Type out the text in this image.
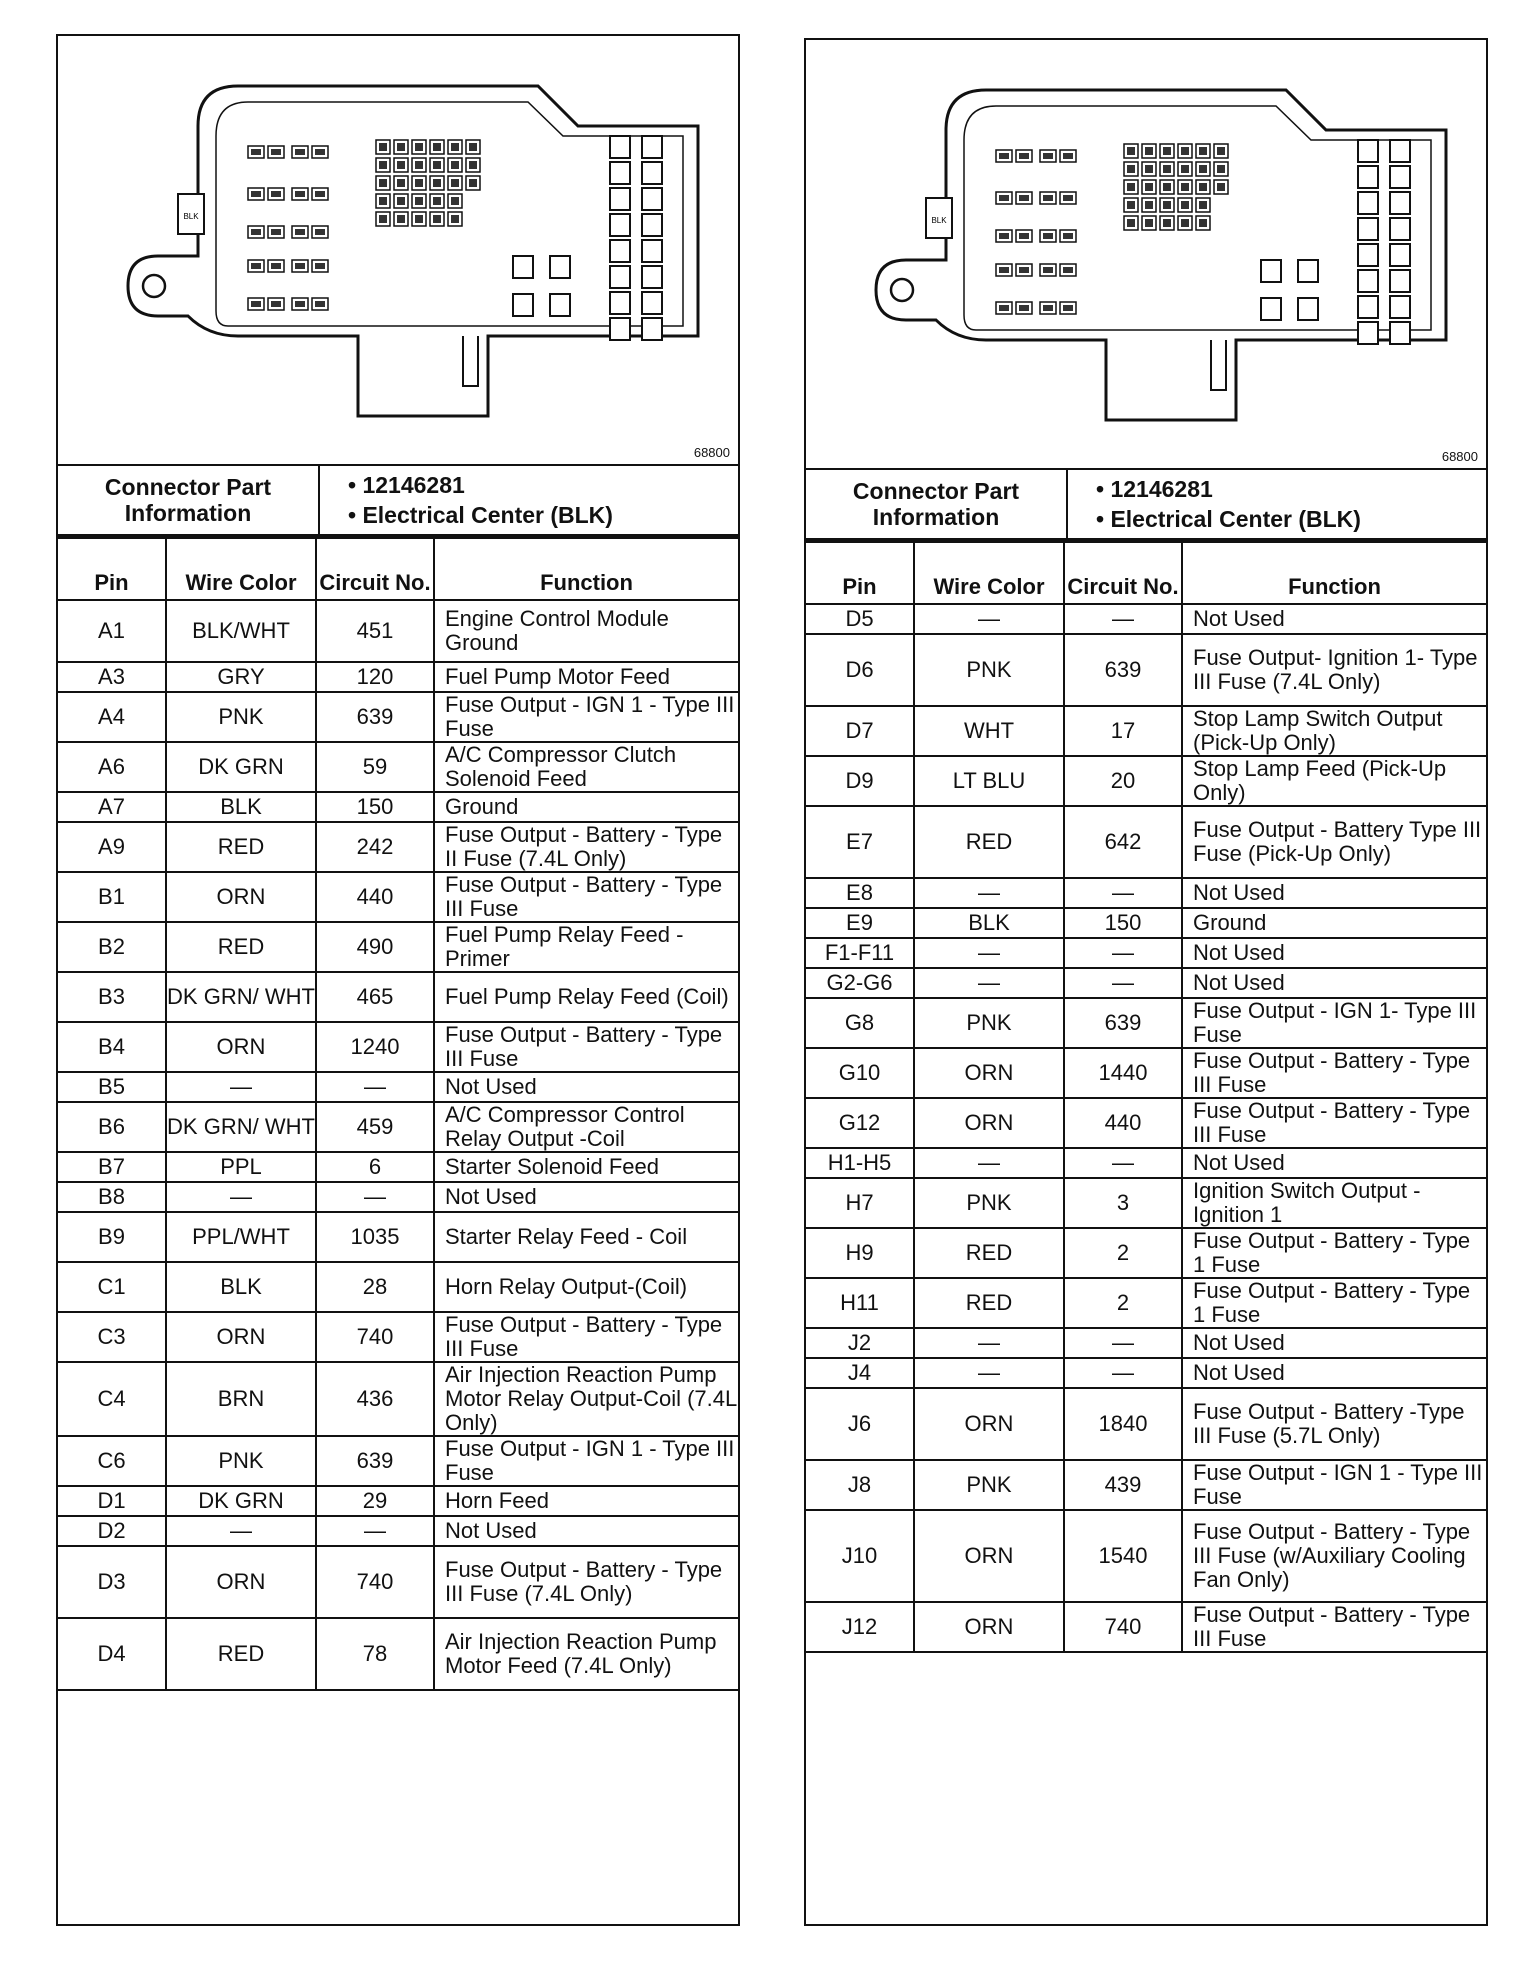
BLK
68800
Connector Part Information
• 12146281
• Electrical Center (BLK)
Pin	Wire Color	Circuit No.	Function
A1	BLK/WHT	451	Engine Control Module Ground
A3	GRY	120	Fuel Pump Motor Feed
A4	PNK	639	Fuse Output - IGN 1 - Type III Fuse
A6	DK GRN	59	A/C Compressor Clutch Solenoid Feed
A7	BLK	150	Ground
A9	RED	242	Fuse Output - Battery - Type II Fuse (7.4L Only)
B1	ORN	440	Fuse Output - Battery - Type III Fuse
B2	RED	490	Fuel Pump Relay Feed - Primer
B3	DK GRN/ WHT	465	Fuel Pump Relay Feed (Coil)
B4	ORN	1240	Fuse Output - Battery - Type III Fuse
B5	—	—	Not Used
B6	DK GRN/ WHT	459	A/C Compressor Control Relay Output -Coil
B7	PPL	6	Starter Solenoid Feed
B8	—	—	Not Used
B9	PPL/WHT	1035	Starter Relay Feed - Coil
C1	BLK	28	Horn Relay Output-(Coil)
C3	ORN	740	Fuse Output - Battery - Type III Fuse
C4	BRN	436	Air Injection Reaction Pump Motor Relay Output-Coil (7.4L Only)
C6	PNK	639	Fuse Output - IGN 1 - Type III Fuse
D1	DK GRN	29	Horn Feed
D2	—	—	Not Used
D3	ORN	740	Fuse Output - Battery - Type III Fuse (7.4L Only)
D4	RED	78	Air Injection Reaction Pump Motor Feed (7.4L Only)
BLK
68800
Connector Part Information
• 12146281
• Electrical Center (BLK)
Pin	Wire Color	Circuit No.	Function
D5	—	—	Not Used
D6	PNK	639	Fuse Output- Ignition 1- Type III Fuse (7.4L Only)
D7	WHT	17	Stop Lamp Switch Output (Pick-Up Only)
D9	LT BLU	20	Stop Lamp Feed (Pick-Up Only)
E7	RED	642	Fuse Output - Battery Type III Fuse (Pick-Up Only)
E8	—	—	Not Used
E9	BLK	150	Ground
F1-F11	—	—	Not Used
G2-G6	—	—	Not Used
G8	PNK	639	Fuse Output - IGN 1- Type III Fuse
G10	ORN	1440	Fuse Output - Battery - Type III Fuse
G12	ORN	440	Fuse Output - Battery - Type III Fuse
H1-H5	—	—	Not Used
H7	PNK	3	Ignition Switch Output - Ignition 1
H9	RED	2	Fuse Output - Battery - Type 1 Fuse
H11	RED	2	Fuse Output - Battery - Type 1 Fuse
J2	—	—	Not Used
J4	—	—	Not Used
J6	ORN	1840	Fuse Output - Battery -Type III Fuse (5.7L Only)
J8	PNK	439	Fuse Output - IGN 1 - Type III Fuse
J10	ORN	1540	Fuse Output - Battery - Type III Fuse (w/Auxiliary Cooling Fan Only)
J12	ORN	740	Fuse Output - Battery - Type III Fuse
